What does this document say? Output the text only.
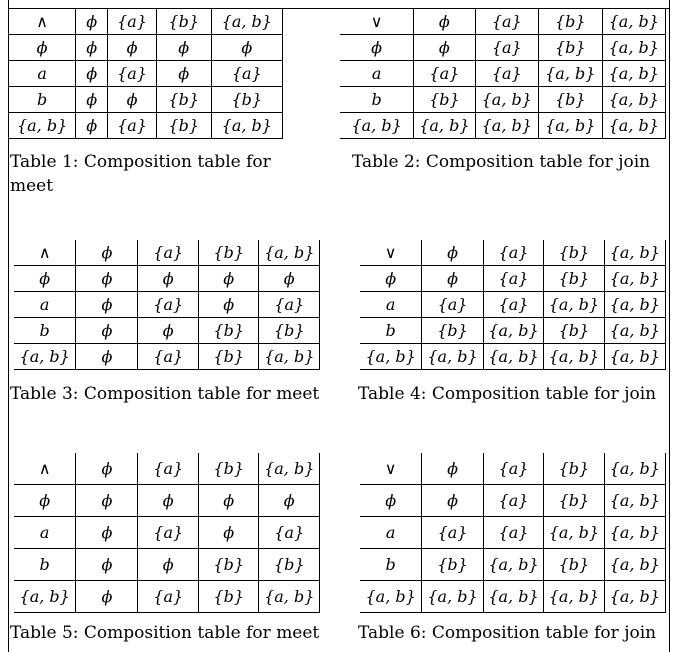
∧	ϕ	{a}	{b}	{a, b}
ϕ	ϕ	ϕ	ϕ	ϕ
a	ϕ	{a}	ϕ	{a}
b	ϕ	ϕ	{b}	{b}
{a, b}	ϕ	{a}	{b}	{a, b}
Table 1: Composition table for meet
∨	ϕ	{a}	{b}	{a, b}
ϕ	ϕ	{a}	{b}	{a, b}
a	{a}	{a}	{a, b}	{a, b}
b	{b}	{a, b}	{b}	{a, b}
{a, b}	{a, b}	{a, b}	{a, b}	{a, b}
Table 2: Composition table for join
∧	ϕ	{a}	{b}	{a, b}
ϕ	ϕ	ϕ	ϕ	ϕ
a	ϕ	{a}	ϕ	{a}
b	ϕ	ϕ	{b}	{b}
{a, b}	ϕ	{a}	{b}	{a, b}
Table 3: Composition table for meet
∨	ϕ	{a}	{b}	{a, b}
ϕ	ϕ	{a}	{b}	{a, b}
a	{a}	{a}	{a, b}	{a, b}
b	{b}	{a, b}	{b}	{a, b}
{a, b}	{a, b}	{a, b}	{a, b}	{a, b}
Table 4: Composition table for join
∧	ϕ	{a}	{b}	{a, b}
ϕ	ϕ	ϕ	ϕ	ϕ
a	ϕ	{a}	ϕ	{a}
b	ϕ	ϕ	{b}	{b}
{a, b}	ϕ	{a}	{b}	{a, b}
Table 5: Composition table for meet
∨	ϕ	{a}	{b}	{a, b}
ϕ	ϕ	{a}	{b}	{a, b}
a	{a}	{a}	{a, b}	{a, b}
b	{b}	{a, b}	{b}	{a, b}
{a, b}	{a, b}	{a, b}	{a, b}	{a, b}
Table 6: Composition table for join
